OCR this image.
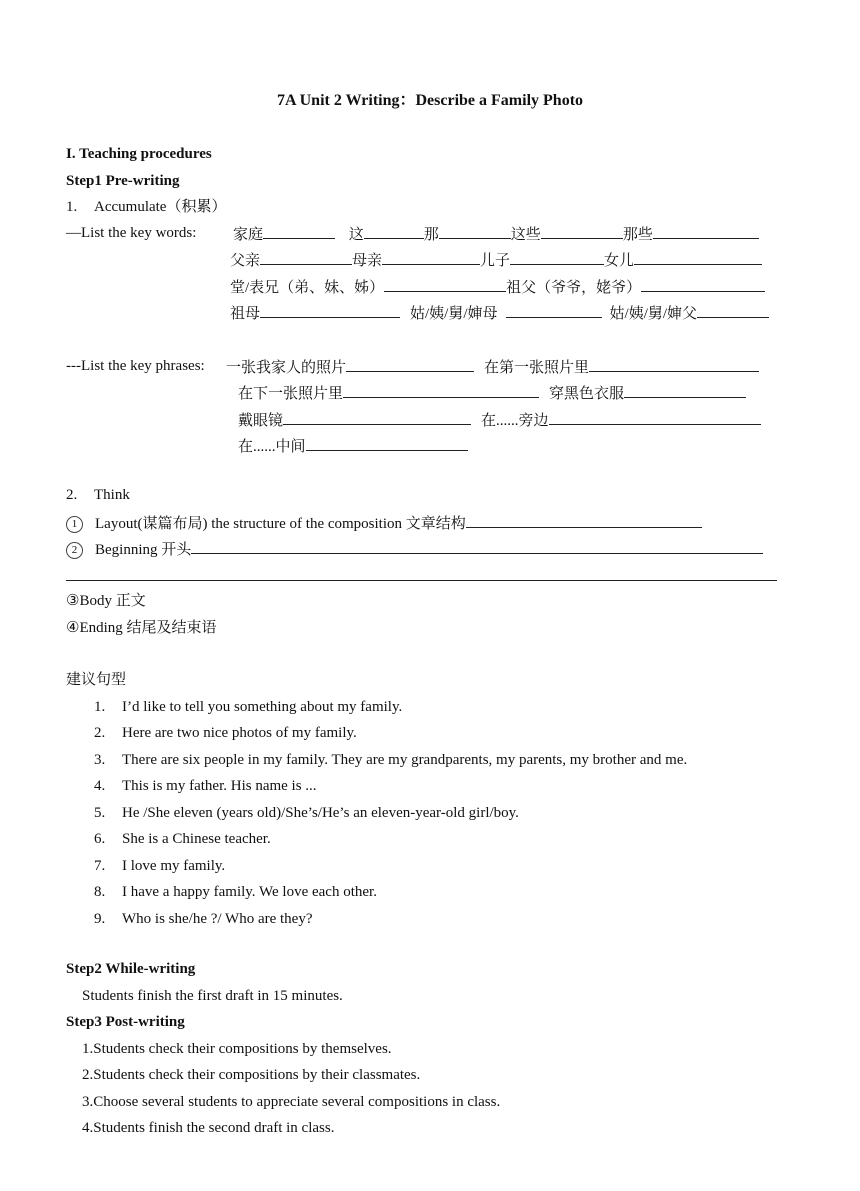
7A Unit 2 Writing：Describe a Family Photo
I. Teaching procedures
Step1 Pre-writing
1. Accumulate（积累）
—List the key words: 家庭	这	那	这些	那些
父亲	母亲	儿子	女儿
堂/表兄（弟、妹、姊）	祖父（爷爷，姥爷）
祖母	姑/姨/舅/婶母	姑/姨/舅/婶父
---List the key phrases: 一张我家人的照片	在第一张照片里
在下一张照片里	穿黑色衣服
戴眼镜	在......旁边
在......中间
2. Think
1 Layout(谋篇布局) the structure of the composition 文章结构
2 Beginning 开头
③Body 正文
④Ending 结尾及结束语
建议句型
1. I’d like to tell you something about my family.
2. Here are two nice photos of my family.
3. There are six people in my family. They are my grandparents, my parents, my brother and me.
4. This is my father. His name is ...
5. He /She eleven (years old)/She’s/He’s an eleven-year-old girl/boy.
6. She is a Chinese teacher.
7. I love my family.
8. I have a happy family. We love each other.
9. Who is she/he ?/ Who are they?
Step2 While-writing
Students finish the first draft in 15 minutes.
Step3 Post-writing
1.Students check their compositions by themselves.
2.Students check their compositions by their classmates.
3.Choose several students to appreciate several compositions in class.
4.Students finish the second draft in class.
